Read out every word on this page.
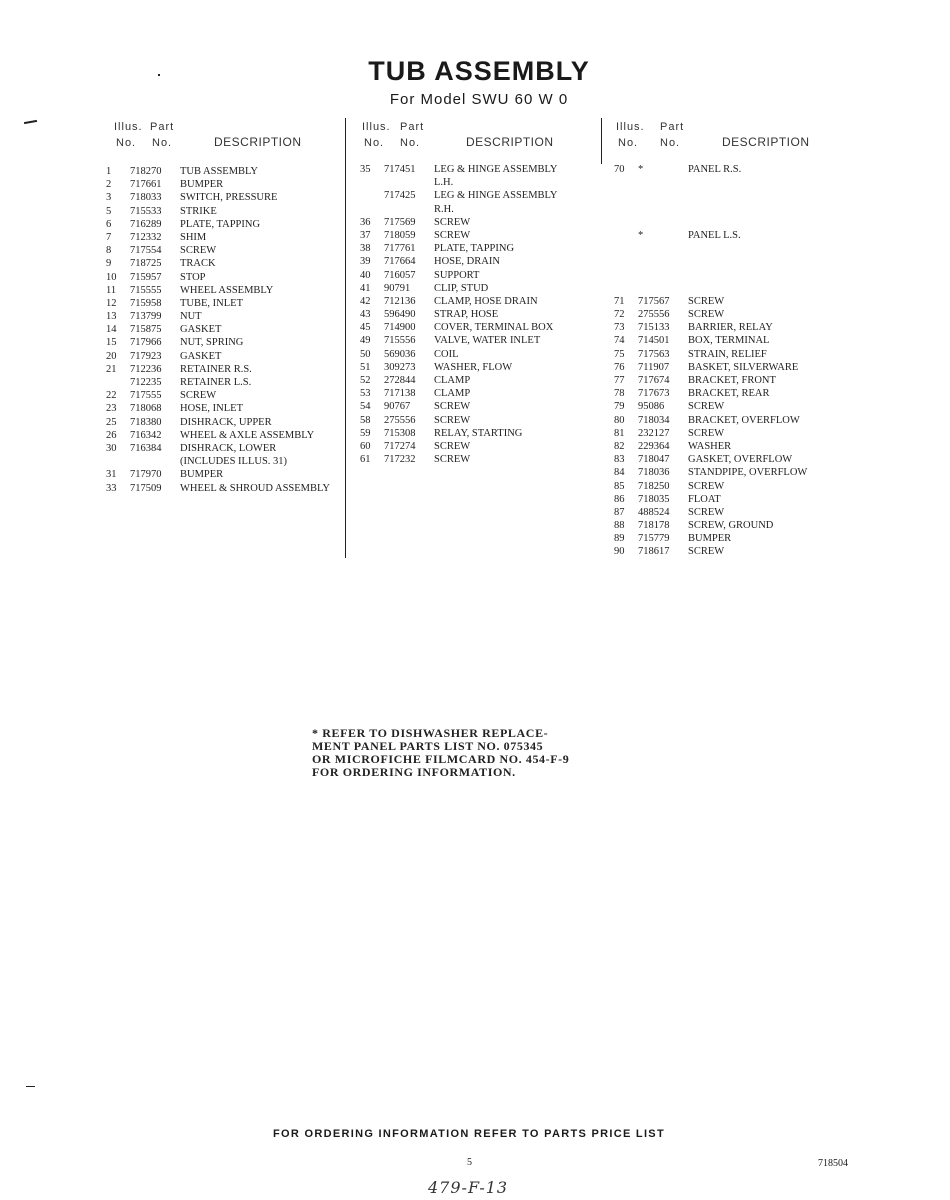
TUB ASSEMBLY
For Model SWU 60 W 0
Illus. Part
No. No.	DESCRIPTION
1	718270 TUB ASSEMBLY
2	717661 BUMPER
3	718033 SWITCH, PRESSURE
5	715533 STRIKE
6	716289 PLATE, TAPPING
7	712332 SHIM
8	717554 SCREW
9	718725 TRACK
10	715957 STOP
11	715555 WHEEL ASSEMBLY
12	715958 TUBE, INLET
13	713799 NUT
14	715875 GASKET
15	717966 NUT, SPRING
20	717923 GASKET
21	712236 RETAINER R.S.
712235 RETAINER L.S.
22	717555 SCREW
23	718068 HOSE, INLET
25	718380 DISHRACK, UPPER
26	716342 WHEEL & AXLE ASSEMBLY
30	716384 DISHRACK, LOWER
(INCLUDES ILLUS. 31)
31	717970 BUMPER
33	717509 WHEEL & SHROUD ASSEMBLY
Illus. Part
No. No.	DESCRIPTION
35	717451 LEG & HINGE ASSEMBLY
L.H.
717425 LEG & HINGE ASSEMBLY
R.H.
36	717569 SCREW
37	718059 SCREW
38	717761 PLATE, TAPPING
39	717664 HOSE, DRAIN
40	716057 SUPPORT
41	90791 CLIP, STUD
42	712136 CLAMP, HOSE DRAIN
43	596490 STRAP, HOSE
45	714900 COVER, TERMINAL BOX
49	715556 VALVE, WATER INLET
50	569036 COIL
51	309273 WASHER, FLOW
52	272844 CLAMP
53	717138 CLAMP
54	90767 SCREW
58	275556 SCREW
59	715308 RELAY, STARTING
60	717274 SCREW
61	717232 SCREW
Illus. Part
No. No.	DESCRIPTION
70	*	PANEL R.S.
*	PANEL L.S.
71	717567 SCREW
72	275556 SCREW
73	715133 BARRIER, RELAY
74	714501 BOX, TERMINAL
75	717563 STRAIN, RELIEF
76	711907 BASKET, SILVERWARE
77	717674 BRACKET, FRONT
78	717673 BRACKET, REAR
79	95086 SCREW
80	718034 BRACKET, OVERFLOW
81	232127 SCREW
82	229364 WASHER
83	718047 GASKET, OVERFLOW
84	718036 STANDPIPE, OVERFLOW
85	718250 SCREW
86	718035 FLOAT
87	488524 SCREW
88	718178 SCREW, GROUND
89	715779 BUMPER
90	718617 SCREW
* REFER TO DISHWASHER REPLACE-
MENT PANEL PARTS LIST NO. 075345
OR MICROFICHE FILMCARD NO. 454-F-9
FOR ORDERING INFORMATION.
FOR ORDERING INFORMATION REFER TO PARTS PRICE LIST
5	718504
479-F-13
